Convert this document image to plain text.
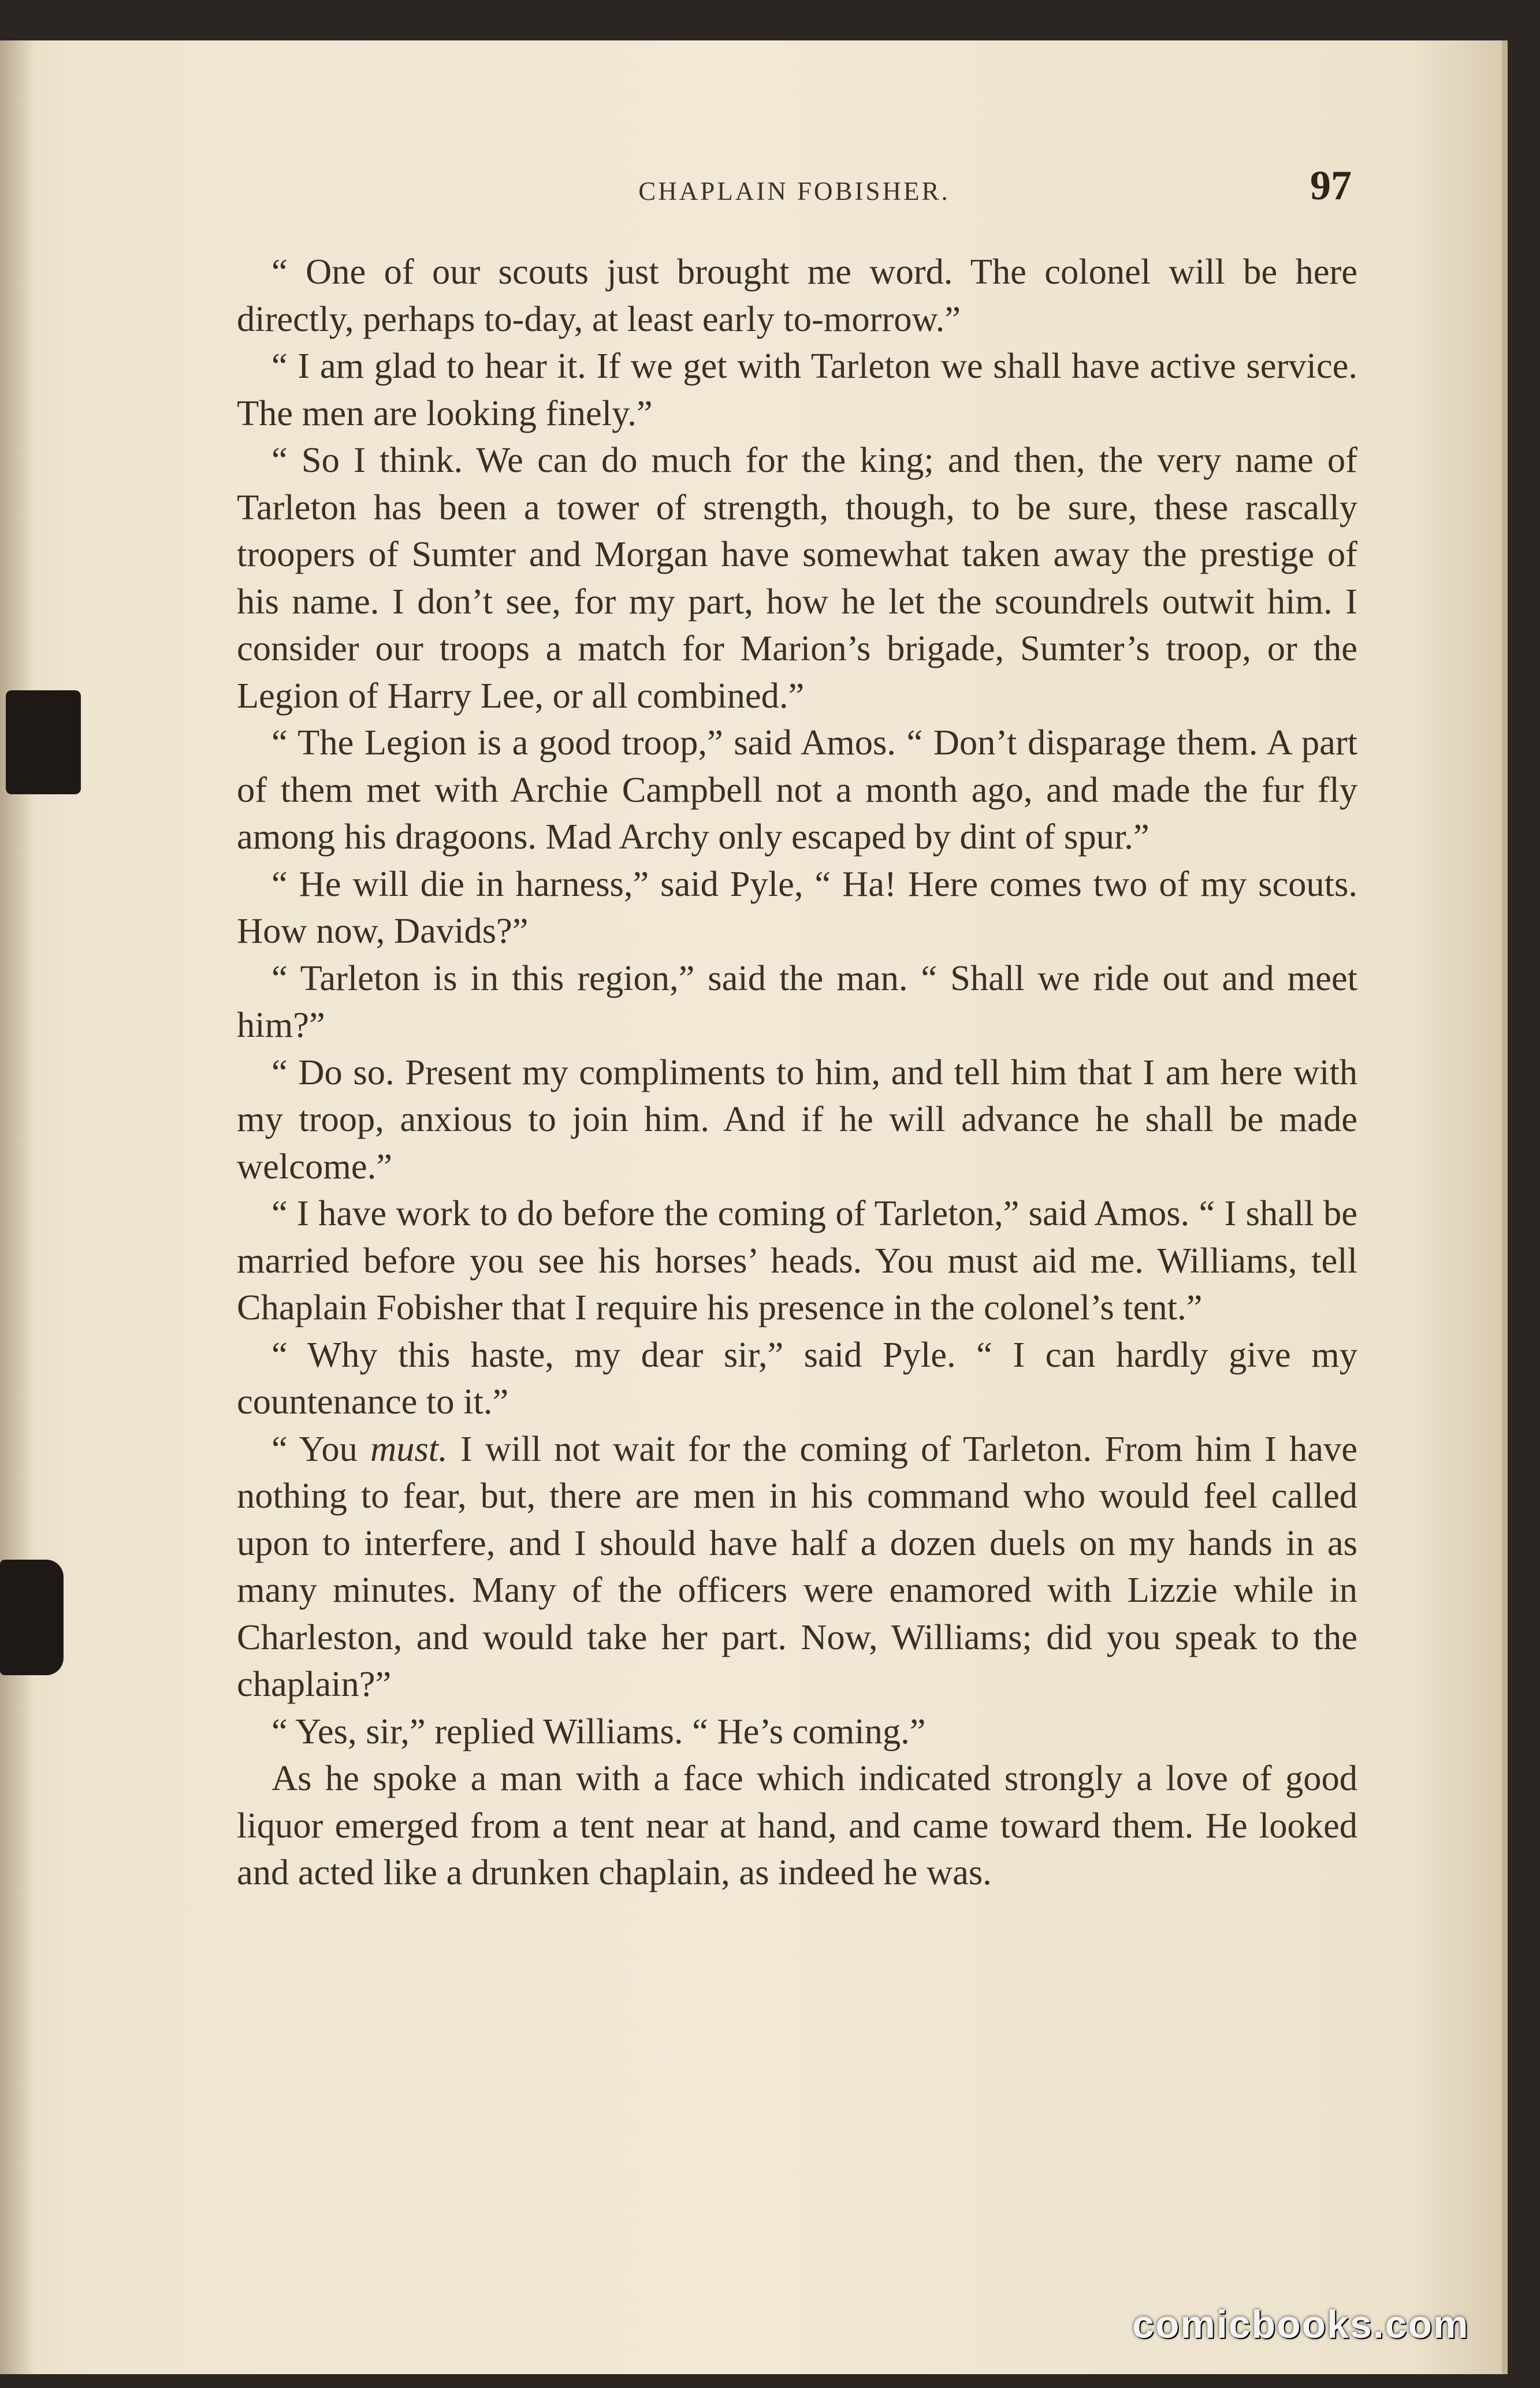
CHAPLAIN FOBISHER.	97

“ One of our scouts just brought me word. The colonel will be here directly, perhaps to-day, at least early to-morrow.”

“ I am glad to hear it. If we get with Tarleton we shall have active service. The men are looking finely.”

“ So I think. We can do much for the king; and then, the very name of Tarleton has been a tower of strength, though, to be sure, these rascally troopers of Sumter and Morgan have somewhat taken away the prestige of his name. I don’t see, for my part, how he let the scoundrels outwit him. I consider our troops a match for Marion’s brigade, Sumter’s troop, or the Legion of Harry Lee, or all combined.”

“ The Legion is a good troop,” said Amos. “ Don’t disparage them. A part of them met with Archie Campbell not a month ago, and made the fur fly among his dragoons. Mad Archy only escaped by dint of spur.”

“ He will die in harness,” said Pyle, “ Ha! Here comes two of my scouts. How now, Davids?”

“ Tarleton is in this region,” said the man. “ Shall we ride out and meet him?”

“ Do so. Present my compliments to him, and tell him that I am here with my troop, anxious to join him. And if he will advance he shall be made welcome.”

“ I have work to do before the coming of Tarleton,” said Amos. “ I shall be married before you see his horses’ heads. You must aid me. Williams, tell Chaplain Fobisher that I require his presence in the colonel’s tent.”

“ Why this haste, my dear sir,” said Pyle. “ I can hardly give my countenance to it.”

“ You must. I will not wait for the coming of Tarleton. From him I have nothing to fear, but, there are men in his command who would feel called upon to interfere, and I should have half a dozen duels on my hands in as many minutes. Many of the officers were enamored with Lizzie while in Charleston, and would take her part. Now, Williams; did you speak to the chaplain?”

“ Yes, sir,” replied Williams. “ He’s coming.”

As he spoke a man with a face which indicated strongly a love of good liquor emerged from a tent near at hand, and came toward them. He looked and acted like a drunken chaplain, as indeed he was.

comicbooks.com
